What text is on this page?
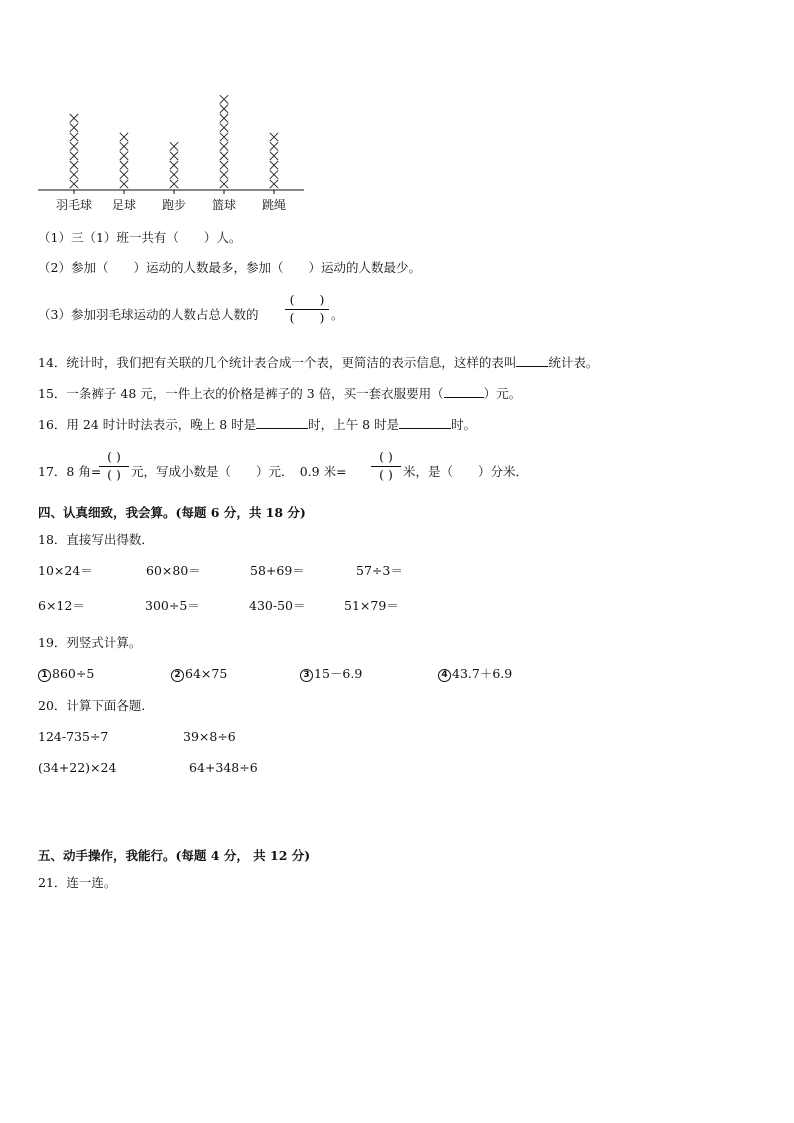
羽毛球 足球 跑步 篮球 跳绳
（1）三（1）班一共有（　　）人。
（2）参加（　　）运动的人数最多，参加（　　）运动的人数最少。
（3）参加羽毛球运动的人数占总人数的
(　　)
(　　) 。
14．统计时，我们把有关联的几个统计表合成一个表，更简洁的表示信息，这样的表叫	统计表。
15．一条裤子 48 元，一件上衣的价格是裤子的 3 倍，买一套衣服要用（	）元。
16．用 24 时计时法表示，晚上 8 时是	时，上午 8 时是	时。
17．8 角=
( )
( ) 元，写成小数是（　　）元．　0.9 米=
( )
( ) 米，是（　　）分米．
四、认真细致，我会算。(每题 6 分，共 18 分)
18．直接写出得数．
10×24＝	60×80＝	58+69＝	57÷3＝
6×12＝	300÷5＝	430-50＝	51×79＝
19．列竖式计算。
1 860÷5	2 64×75	3 15－6.9	4 43.7＋6.9
20．计算下面各题．
124-735÷7	39×8÷6
(34+22)×24	64+348÷6
五、动手操作，我能行。(每题 4 分， 共 12 分)
21．连一连。
